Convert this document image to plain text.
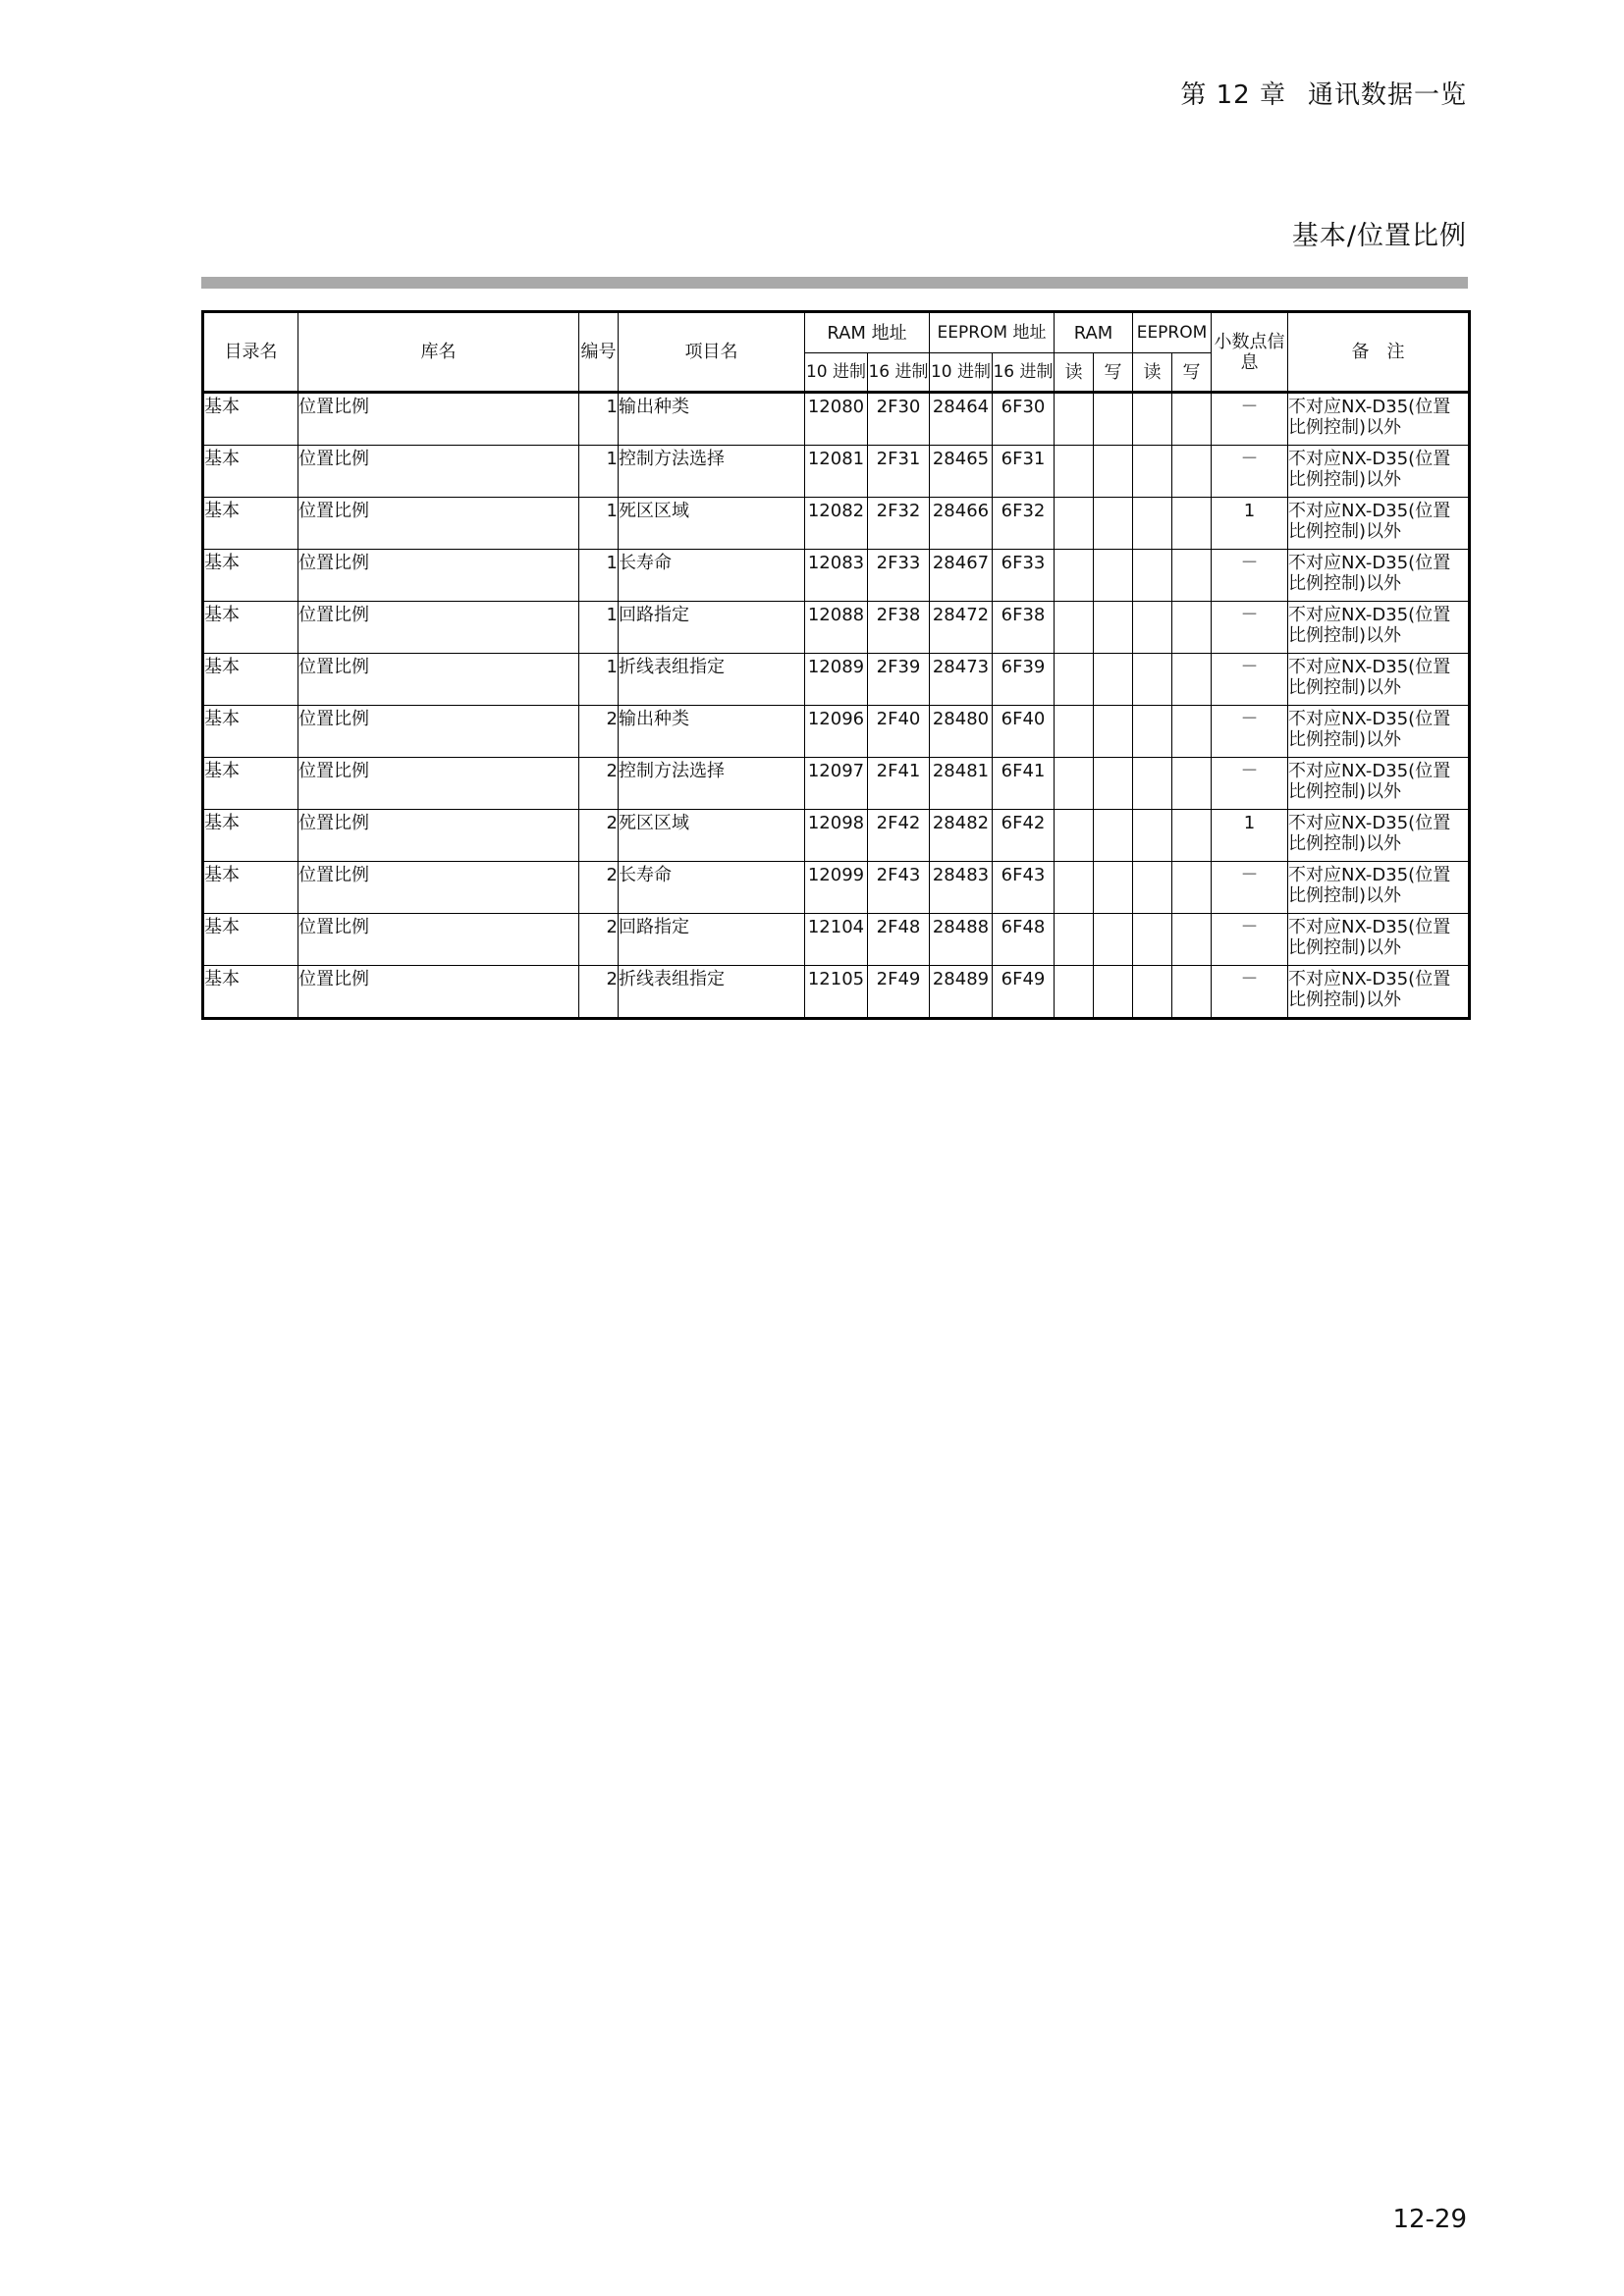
第 12 章 通讯数据一览
基本/位置比例
目录名	库名	编号	项目名	RAM 地址		EEPROM 地址		RAM		EEPROM		小数点信息	备　注
				10 进制	16 进制	10 进制	16 进制	读	写	读	写		
基本	位置比例	1	输出种类	12080	2F30	28464	6F30					－	不对应NX-D35(位置比例控制)以外
基本	位置比例	1	控制方法选择	12081	2F31	28465	6F31					－	不对应NX-D35(位置比例控制)以外
基本	位置比例	1	死区区域	12082	2F32	28466	6F32					1	不对应NX-D35(位置比例控制)以外
基本	位置比例	1	长寿命	12083	2F33	28467	6F33					－	不对应NX-D35(位置比例控制)以外
基本	位置比例	1	回路指定	12088	2F38	28472	6F38					－	不对应NX-D35(位置比例控制)以外
基本	位置比例	1	折线表组指定	12089	2F39	28473	6F39					－	不对应NX-D35(位置比例控制)以外
基本	位置比例	2	输出种类	12096	2F40	28480	6F40					－	不对应NX-D35(位置比例控制)以外
基本	位置比例	2	控制方法选择	12097	2F41	28481	6F41					－	不对应NX-D35(位置比例控制)以外
基本	位置比例	2	死区区域	12098	2F42	28482	6F42					1	不对应NX-D35(位置比例控制)以外
基本	位置比例	2	长寿命	12099	2F43	28483	6F43					－	不对应NX-D35(位置比例控制)以外
基本	位置比例	2	回路指定	12104	2F48	28488	6F48					－	不对应NX-D35(位置比例控制)以外
基本	位置比例	2	折线表组指定	12105	2F49	28489	6F49					－	不对应NX-D35(位置比例控制)以外
12-29
